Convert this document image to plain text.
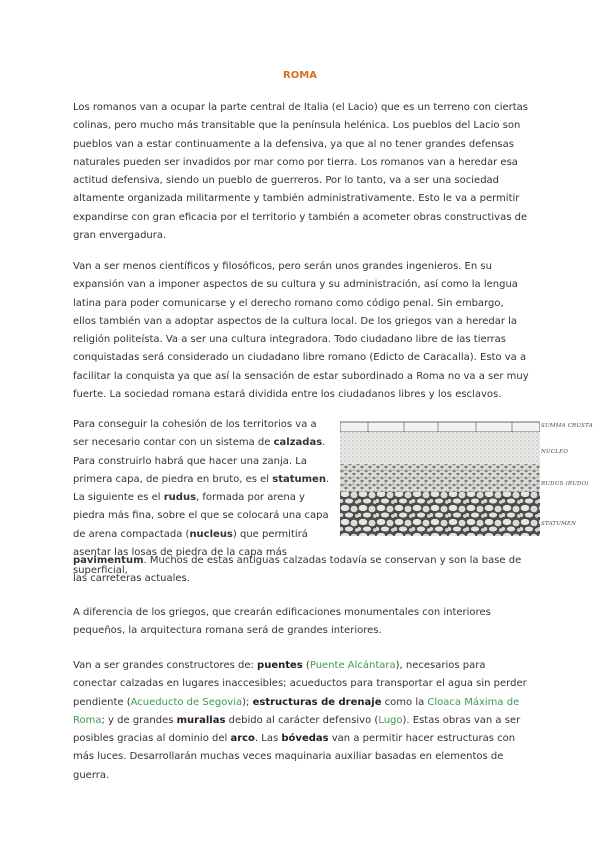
ROMA

Los romanos van a ocupar la parte central de Italia (el Lacio) que es un terreno con ciertas colinas, pero mucho más transitable que la península helénica. Los pueblos del Lacio son pueblos van a estar continuamente a la defensiva, ya que al no tener grandes defensas naturales pueden ser invadidos por mar como por tierra. Los romanos van a heredar esa actitud defensiva, siendo un pueblo de guerreros. Por lo tanto, va a ser una sociedad altamente organizada militarmente y también administrativamente. Esto le va a permitir expandirse con gran eficacia por el territorio y también a acometer obras constructivas de gran envergadura.

Van a ser menos científicos y filosóficos, pero serán unos grandes ingenieros. En su expansión van a imponer aspectos de su cultura y su administración, así como la lengua latina para poder comunicarse y el derecho romano como código penal. Sin embargo, ellos también van a adoptar aspectos de la cultura local. De los griegos van a heredar la religión politeísta. Va a ser una cultura integradora. Todo ciudadano libre de las tierras conquistadas será considerado un ciudadano libre romano (Edicto de Caracalla). Esto va a facilitar la conquista ya que así la sensación de estar subordinado a Roma no va a ser muy fuerte. La sociedad romana estará dividida entre los ciudadanos libres y los esclavos.

Para conseguir la cohesión de los territorios va a ser necesario contar con un sistema de calzadas. Para construirlo habrá que hacer una zanja. La primera capa, de piedra en bruto, es el statumen. La siguiente es el rudus, formada por arena y piedra más fina, sobre el que se colocará una capa de arena compactada (nucleus) que permitirá asentar las losas de piedra de la capa más superficial,

pavimentum. Muchos de estas antiguas calzadas todavía se conservan y son la base de las carreteras actuales.

SUMMA CRUSTA
NÚCLEO
RUDUS (RUDO)
STATUMEN

A diferencia de los griegos, que crearán edificaciones monumentales con interiores pequeños, la arquitectura romana será de grandes interiores.

Van a ser grandes constructores de: puentes (Puente Alcántara), necesarios para conectar calzadas en lugares inaccesibles; acueductos para transportar el agua sin perder pendiente (Acueducto de Segovia); estructuras de drenaje como la Cloaca Máxima de Roma; y de grandes murallas debido al carácter defensivo (Lugo). Estas obras van a ser posibles gracias al dominio del arco. Las bóvedas van a permitir hacer estructuras con más luces. Desarrollarán muchas veces maquinaria auxiliar basadas en elementos de guerra.
